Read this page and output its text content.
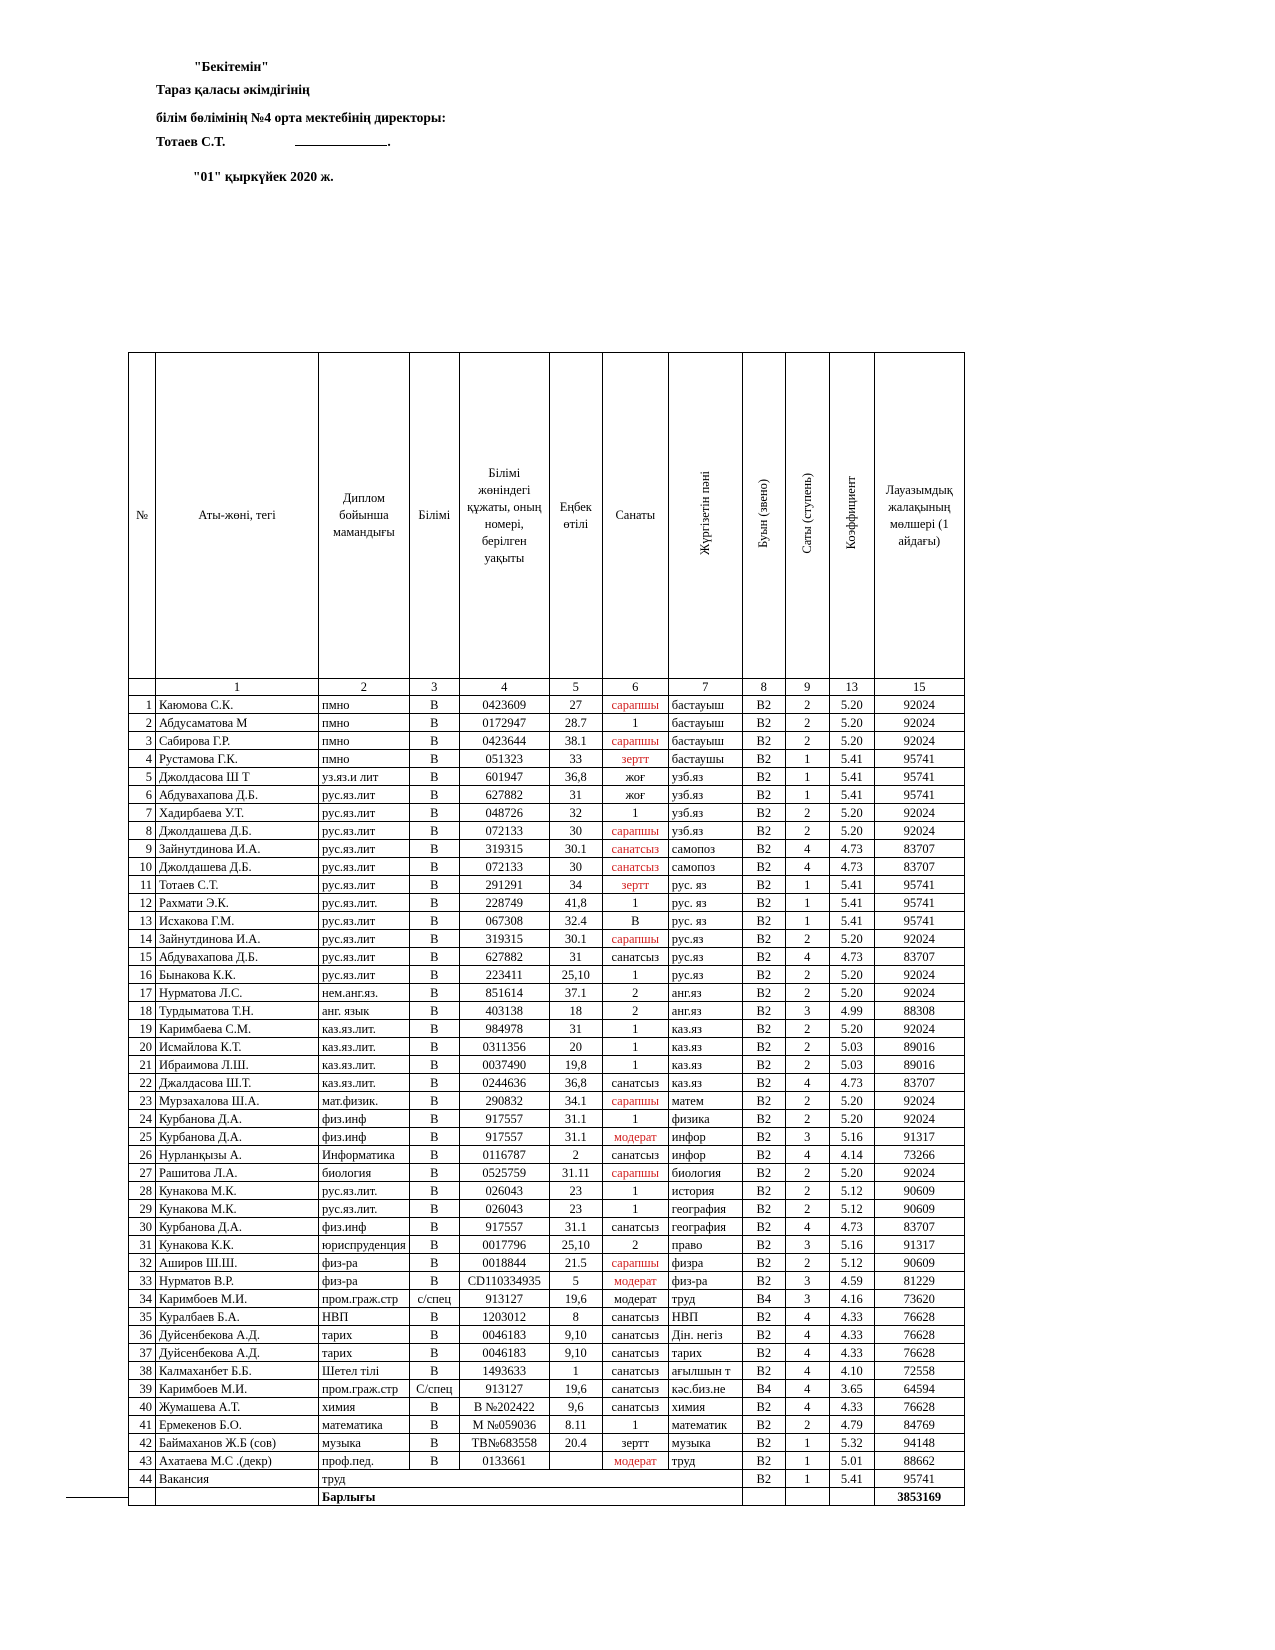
"Бекітемін"
Тараз қаласы әкімдігінің
білім бөлімінің №4 орта мектебінің директоры:
Тотаев С.Т.	.
"01" қыркүйек 2020 ж.
№	Аты-жөні, тегі	Диплом бойынша мамандығы	Білімі	Білімі жөніндегі құжаты, оның номері, берілген уақыты	Еңбек өтілі	Санаты	Жүргізетін пәні	Буын (звено)	Саты (ступень)	Коэффициент	Лауазымдық жалақының мөлшері (1 айдағы)
	1	2	3	4	5	6	7	8	9	13	15
1	Каюмова С.К.	пмно	В	0423609	27	сарапшы	бастауыш	В2	2	5.20	92024
2	Абдусаматова М	пмно	В	0172947	28.7	1	бастауыш	В2	2	5.20	92024
3	Сабирова Г.Р.	пмно	В	0423644	38.1	сарапшы	бастауыш	В2	2	5.20	92024
4	Рустамова Г.К.	пмно	В	051323	33	зертт	бастаушы	В2	1	5.41	95741
5	Джолдасова Ш Т	уз.яз.и лит	В	601947	36,8	жоғ	узб.яз	В2	1	5.41	95741
6	Абдувахапова Д.Б.	рус.яз.лит	В	627882	31	жоғ	узб.яз	В2	1	5.41	95741
7	Хадирбаева У.Т.	рус.яз.лит	В	048726	32	1	узб.яз	В2	2	5.20	92024
8	Джолдашева Д.Б.	рус.яз.лит	В	072133	30	сарапшы	узб.яз	В2	2	5.20	92024
9	Зайнутдинова И.А.	рус.яз.лит	В	319315	30.1	санатсыз	самопоз	В2	4	4.73	83707
10	Джолдашева Д.Б.	рус.яз.лит	В	072133	30	санатсыз	самопоз	В2	4	4.73	83707
11	Тотаев С.Т.	рус.яз.лит	В	291291	34	зертт	рус. яз	В2	1	5.41	95741
12	Рахмати Э.К.	рус.яз.лит.	В	228749	41,8	1	рус. яз	В2	1	5.41	95741
13	Исхакова Г.М.	рус.яз.лит	В	067308	32.4	В	рус. яз	В2	1	5.41	95741
14	Зайнутдинова И.А.	рус.яз.лит	В	319315	30.1	сарапшы	рус.яз	В2	2	5.20	92024
15	Абдувахапова Д.Б.	рус.яз.лит	В	627882	31	санатсыз	рус.яз	В2	4	4.73	83707
16	Бынакова К.К.	рус.яз.лит	В	223411	25,10	1	рус.яз	В2	2	5.20	92024
17	Нурматова Л.С.	нем.анг.яз.	В	851614	37.1	2	анг.яз	В2	2	5.20	92024
18	Турдыматова Т.Н.	анг. язык	В	403138	18	2	анг.яз	В2	3	4.99	88308
19	Каримбаева С.М.	каз.яз.лит.	В	984978	31	1	каз.яз	В2	2	5.20	92024
20	Исмайлова К.Т.	каз.яз.лит.	В	0311356	20	1	каз.яз	В2	2	5.03	89016
21	Ибраимова Л.Ш.	каз.яз.лит.	В	0037490	19,8	1	каз.яз	В2	2	5.03	89016
22	Джалдасова Ш.Т.	каз.яз.лит.	В	0244636	36,8	санатсыз	каз.яз	В2	4	4.73	83707
23	Мурзахалова Ш.А.	мат.физик.	В	290832	34.1	сарапшы	матем	В2	2	5.20	92024
24	Курбанова Д.А.	физ.инф	В	917557	31.1	1	физика	В2	2	5.20	92024
25	Курбанова Д.А.	физ.инф	В	917557	31.1	модерат	инфор	В2	3	5.16	91317
26	Нурланқызы А.	Информатика	В	0116787	2	санатсыз	инфор	В2	4	4.14	73266
27	Рашитова Л.А.	биология	В	0525759	31.11	сарапшы	биология	В2	2	5.20	92024
28	Кунакова М.К.	рус.яз.лит.	В	026043	23	1	история	В2	2	5.12	90609
29	Кунакова М.К.	рус.яз.лит.	В	026043	23	1	география	В2	2	5.12	90609
30	Курбанова Д.А.	физ.инф	В	917557	31.1	санатсыз	география	В2	4	4.73	83707
31	Кунакова К.К.	юриспруденция	В	0017796	25,10	2	право	В2	3	5.16	91317
32	Аширов Ш.Ш.	физ-ра	В	0018844	21.5	сарапшы	физра	В2	2	5.12	90609
33	Нурматов В.Р.	физ-ра	В	CD110334935	5	модерат	физ-ра	В2	3	4.59	81229
34	Каримбоев М.И.	пром.граж.стр	с/спец	913127	19,6	модерат	труд	В4	3	4.16	73620
35	Куралбаев Б.А.	НВП	В	1203012	8	санатсыз	НВП	В2	4	4.33	76628
36	Дуйсенбекова А.Д.	тарих	В	0046183	9,10	санатсыз	Дін. негіз	В2	4	4.33	76628
37	Дуйсенбекова А.Д.	тарих	В	0046183	9,10	санатсыз	тарих	В2	4	4.33	76628
38	Калмаханбет Б.Б.	Шетел тілі	В	1493633	1	санатсыз	ағылшын т	В2	4	4.10	72558
39	Каримбоев М.И.	пром.граж.стр	С/спец	913127	19,6	санатсыз	кәс.биз.не	В4	4	3.65	64594
40	Жумашева А.Т.	химия	В	В №202422	9,6	санатсыз	химия	В2	4	4.33	76628
41	Ермекенов Б.О.	математика	В	М №059036	8.11	1	математик	В2	2	4.79	84769
42	Баймаханов Ж.Б (сов)	музыка	В	ТВ№683558	20.4	зертт	музыка	В2	1	5.32	94148
43	Ахатаева М.С .(декр)	проф.пед.	В	0133661		модерат	труд	В2	1	5.01	88662
44	Вакансия	труд						В2	1	5.41	95741
		Барлығы									3853169
